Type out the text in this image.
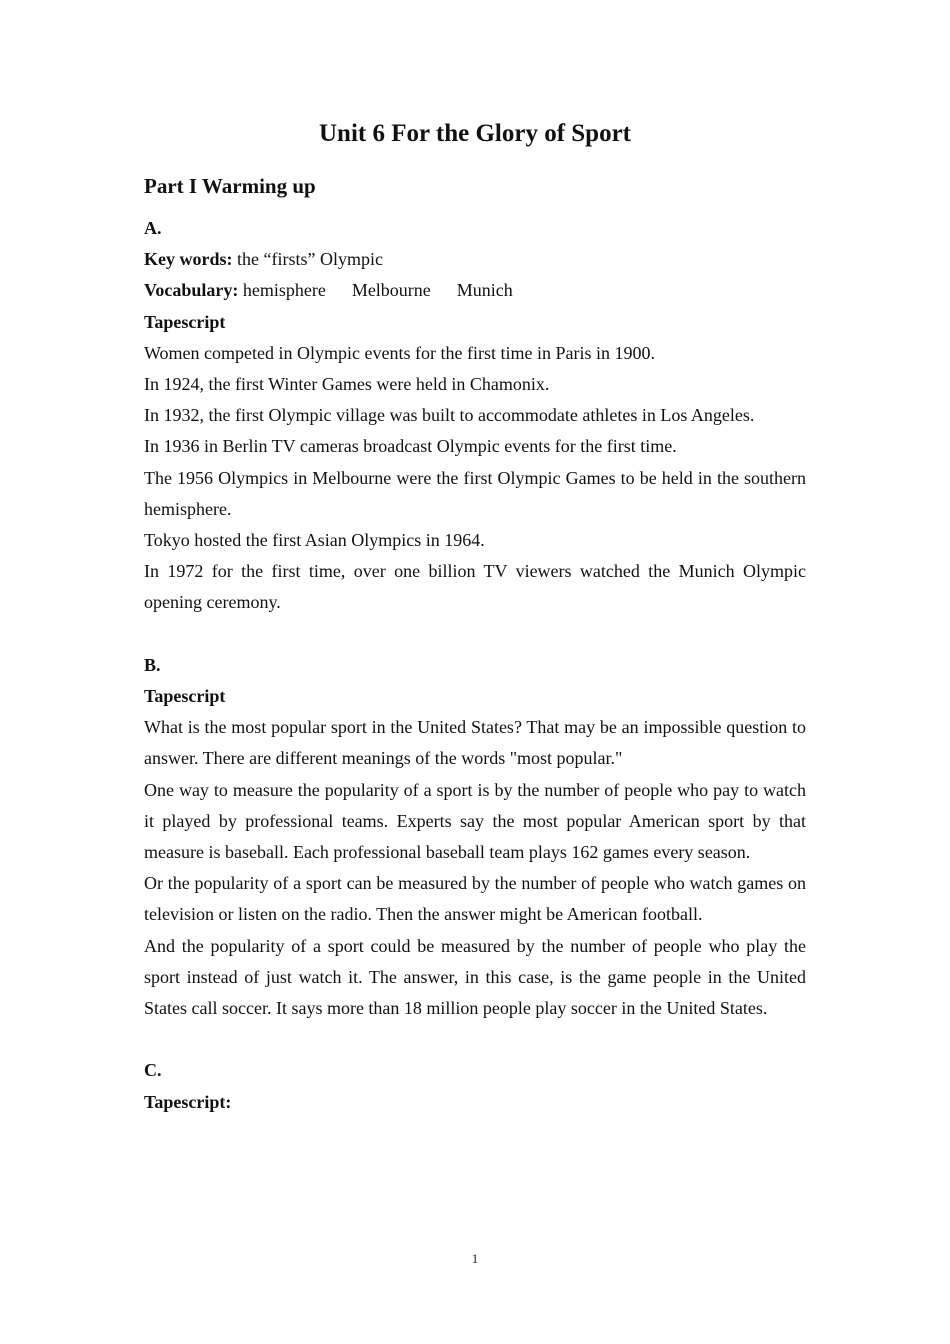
Unit 6 For the Glory of Sport
Part I Warming up
A.
Key words: the “firsts” Olympic
Vocabulary: hemisphere Melbourne Munich
Tapescript

Women competed in Olympic events for the first time in Paris in 1900.

In 1924, the first Winter Games were held in Chamonix.

In 1932, the first Olympic village was built to accommodate athletes in Los Angeles.

In 1936 in Berlin TV cameras broadcast Olympic events for the first time.

The 1956 Olympics in Melbourne were the first Olympic Games to be held in the southern hemisphere.

Tokyo hosted the first Asian Olympics in 1964.

In 1972 for the first time, over one billion TV viewers watched the Munich Olympic opening ceremony.

B.
Tapescript

What is the most popular sport in the United States? That may be an impossible question to answer. There are different meanings of the words "most popular."

One way to measure the popularity of a sport is by the number of people who pay to watch it played by professional teams. Experts say the most popular American sport by that measure is baseball. Each professional baseball team plays 162 games every season.

Or the popularity of a sport can be measured by the number of people who watch games on television or listen on the radio. Then the answer might be American football.

And the popularity of a sport could be measured by the number of people who play the sport instead of just watch it. The answer, in this case, is the game people in the United States call soccer. It says more than 18 million people play soccer in the United States.

C.
Tapescript:
1
